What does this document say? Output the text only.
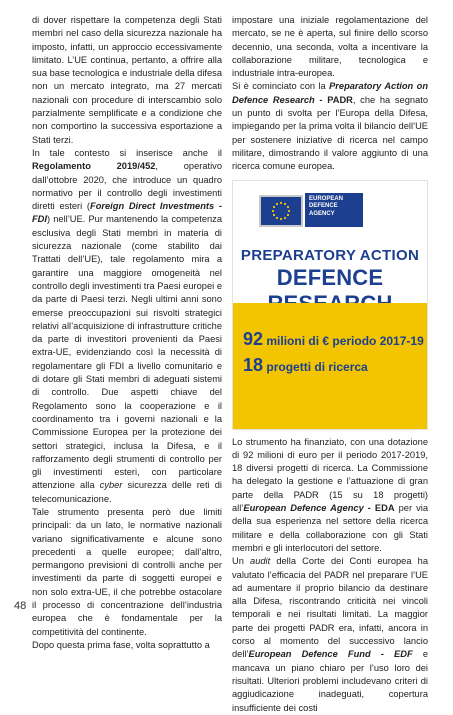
di dover rispettare la competenza degli Stati membri nel caso della sicurezza nazionale ha imposto, infatti, un approccio eccessivamente limitato. L’UE continua, pertanto, a offrire alla sua base tecnologica e industriale della difesa non un mercato integrato, ma 27 mercati nazionali con procedure di interscambio solo parzialmente semplificate e a condizione che non comportino la successiva esportazione a Stati terzi.

In tale contesto si inserisce anche il Regolamento 2019/452, operativo dall’ottobre 2020, che introduce un quadro normativo per il controllo degli investimenti diretti esteri (Foreign Direct Investments - FDI) nell’UE. Pur mantenendo la competenza esclusiva degli Stati membri in materia di sicurezza nazionale (come stabilito dai Trattati dell’UE), tale regolamento mira a garantire una maggiore omogeneità nel controllo degli investimenti tra Paesi europei e da parte di Paesi terzi. Negli ultimi anni sono emerse preoccupazioni sui risvolti strategici relativi all’acquisizione di infrastrutture critiche da parte di investitori provenienti da Paesi extra-UE, evidenziando così la necessità di regolamentare gli FDI a livello comunitario e di dotare gli Stati membri di adeguati sistemi di controllo. Due aspetti chiave del Regolamento sono la cooperazione e il coordinamento tra i governi nazionali e la Commissione Europea per la protezione dei settori strategici, inclusa la Difesa, e il rafforzamento degli strumenti di controllo per gli investimenti esteri, con particolare attenzione alla cyber sicurezza delle reti di telecomunicazione.

Tale strumento presenta però due limiti principali: da un lato, le normative nazionali variano significativamente e alcune sono precedenti a quelle europee; dall’altro, permangono previsioni di controlli anche per investimenti da parte di soggetti europei e non solo extra-UE, il che potrebbe ostacolare il processo di concentrazione dell’industria europea che è fondamentale per la competitività del continente.

Dopo questa prima fase, volta soprattutto a

impostare una iniziale regolamentazione del mercato, se ne è aperta, sul finire dello scorso decennio, una seconda, volta a incentivare la collaborazione militare, tecnologica e industriale intra-europea.

Si è cominciato con la Preparatory Action on Defence Research - PADR, che ha segnato un punto di svolta per l’Europa della Difesa, impiegando per la prima volta il bilancio dell’UE per sostenere iniziative di ricerca nel campo militare, dimostrando il valore aggiunto di una ricerca comune europea.

EUROPEAN
DEFENCE
AGENCY
PREPARATORY ACTION
DEFENCE
92 milioni di € periodo 2017-19
18 progetti di ricerca

Lo strumento ha finanziato, con una dotazione di 92 milioni di euro per il periodo 2017-2019, 18 diversi progetti di ricerca. La Commissione ha delegato la gestione e l’attuazione di gran parte della PADR (15 su 18 progetti) all’European Defence Agency - EDA per via della sua esperienza nel settore della ricerca militare e della collaborazione con gli Stati membri e gli interlocutori del settore.

Un audit della Corte dei Conti europea ha valutato l’efficacia del PADR nel preparare l’UE ad aumentare il proprio bilancio da destinare alla Difesa, riscontrando criticità nei vincoli temporali e nei risultati limitati. La maggior parte dei progetti PADR era, infatti, ancora in corso al momento del successivo lancio dell’European Defence Fund - EDF e mancava un piano chiaro per l’uso loro dei risultati. Ulteriori problemi includevano criteri di aggiudicazione inadeguati, copertura insufficiente dei costi

48
